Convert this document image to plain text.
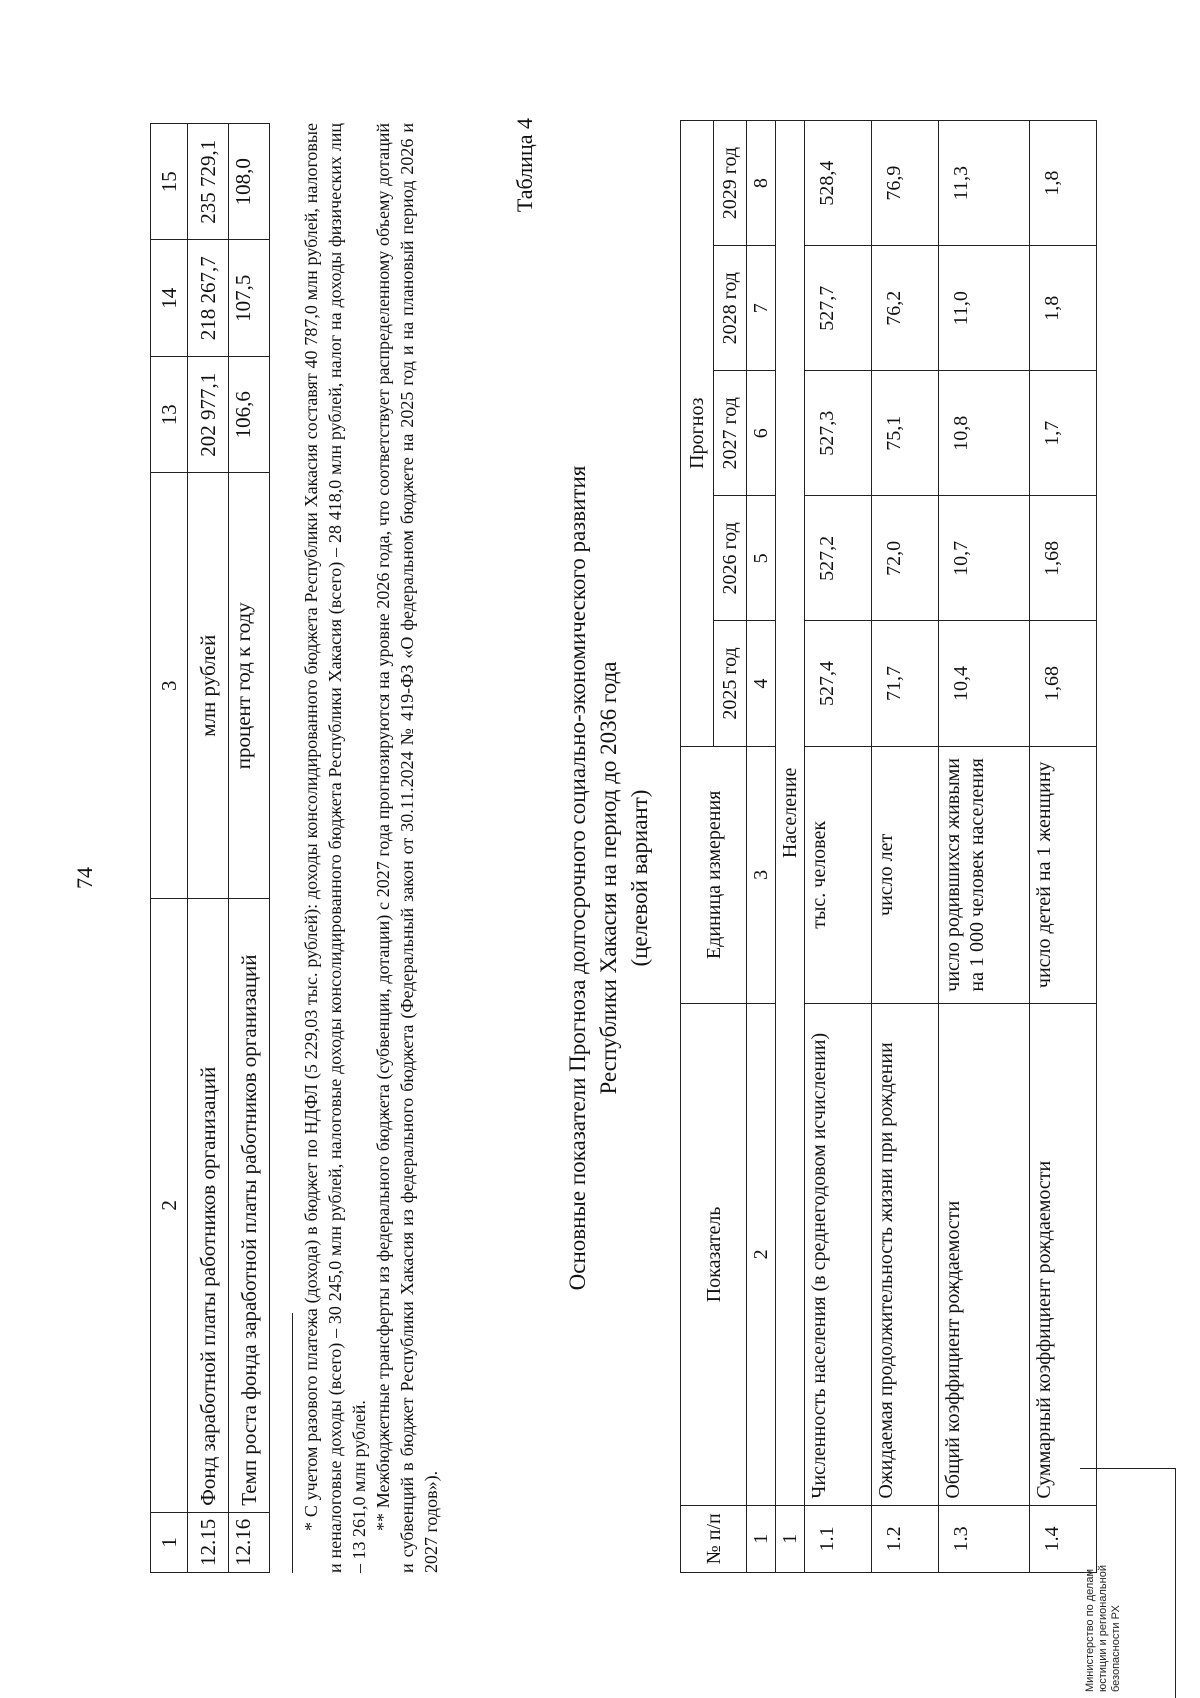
74
1	2	3	13	14	15
12.15	Фонд заработной платы работников организаций	млн рублей	202 977,1	218 267,7	235 729,1
12.16	Темп роста фонда заработной платы работников организаций	процент год к году	106,6	107,5	108,0	* С учетом разового платежа (дохода) в бюджет по НДФЛ (5 229,03 тыс. рублей): доходы консолидированного бюджета Республики Хакасия составят 40 787,0 млн рублей, налоговые и неналоговые доходы (всего) – 30 245,0 млн рублей, налоговые доходы консолидированного бюджета Республики Хакасия (всего) – 28 418,0 млн рублей, налог на доходы физических лиц – 13 261,0 млн рублей. ** Межбюджетные трансферты из федерального бюджета (субвенции, дотации) с 2027 года прогнозируются на уровне 2026 года, что соответствует распределенному объему дотаций и субвенций в бюджет Республики Хакасия из федерального бюджета (Федеральный закон от 30.11.2024 № 419-ФЗ «О федеральном бюджете на 2025 год и на плановый период 2026 и 2027 годов»).

Таблица 4
Основные показатели Прогноза долгосрочного социально-экономического развития Республики Хакасия на период до 2036 года (целевой вариант)
№ п/п	Показатель	Единица измерения	Прогноз				
			2025 год	2026 год	2027 год	2028 год	2029 год
1	2	3	4	5	6	7	8
1	Население						
1.1	Численность населения (в среднегодовом исчислении)	тыс. человек	527,4	527,2	527,3	527,7	528,4
1.2	Ожидаемая продолжительность жизни при рождении	число лет	71,7	72,0	75,1	76,2	76,9
1.3	Общий коэффициент рождаемости	число родившихся живыми на 1 000 человек населения	10,4	10,7	10,8	11,0	11,3
1.4	Суммарный коэффициент рождаемости	число детей на 1 женщину	1,68	1,68	1,7	1,8	1,8
Министерство по делам юстиции и региональной безопасности РХ
